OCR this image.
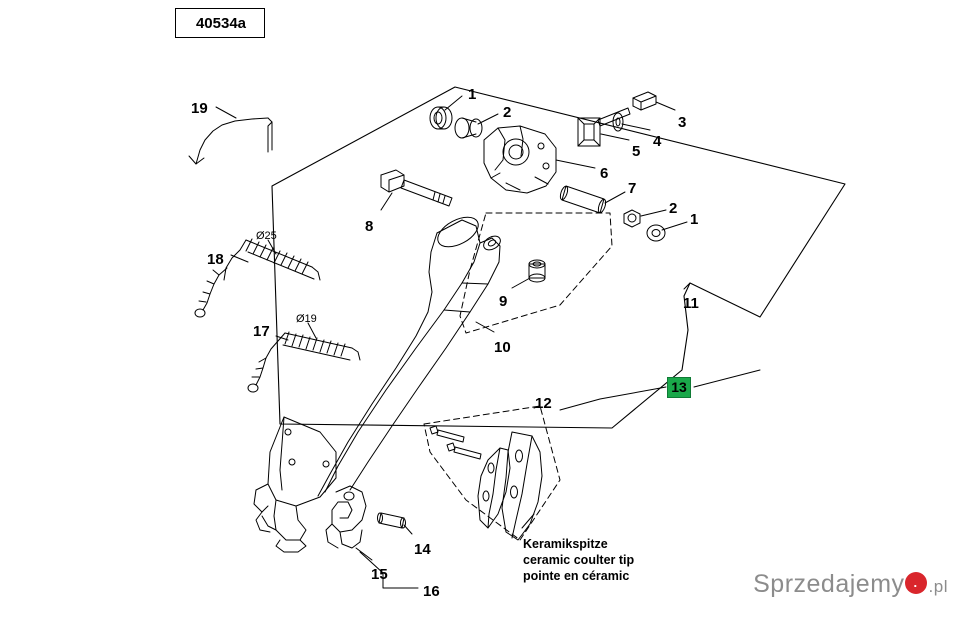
40534a
19
1
2
3
4
5
6
7
2
1
8
18
17
9	11
10
12
14
15
16
13
Ø25
Ø19
Keramikspitze
ceramic coulter tip
pointe en céramic	Sprzedajemy . .pl
